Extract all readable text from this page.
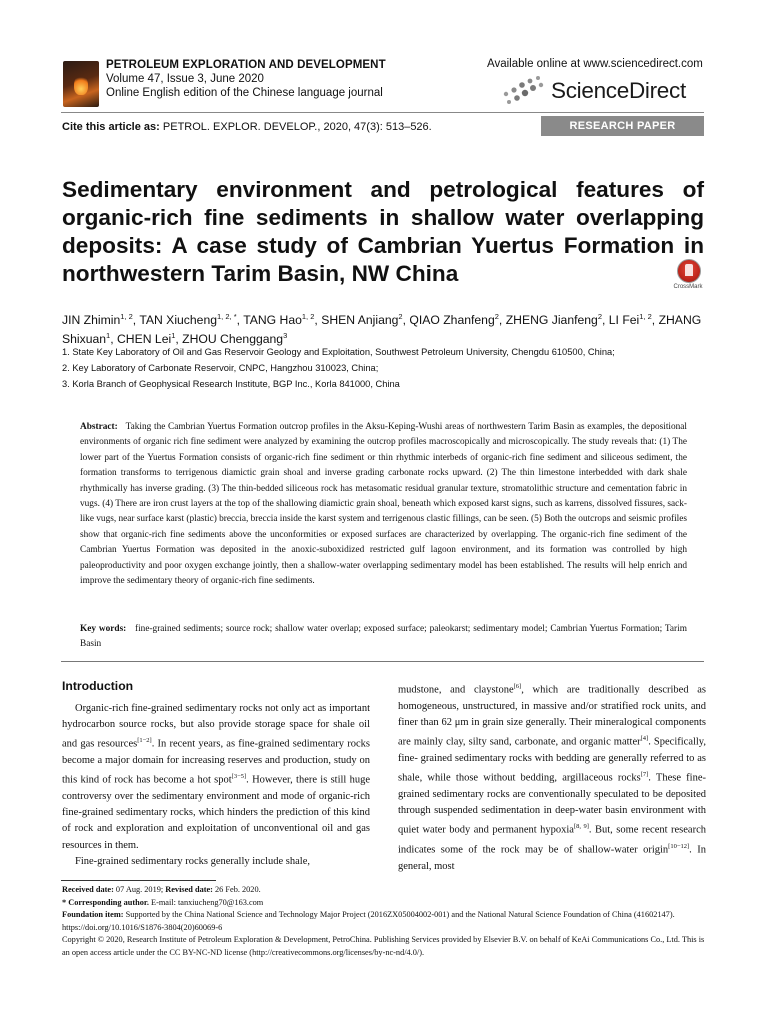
PETROLEUM EXPLORATION AND DEVELOPMENT
Volume 47, Issue 3, June 2020
Online English edition of the Chinese language journal
Available online at www.sciencedirect.com
ScienceDirect
Cite this article as: PETROL. EXPLOR. DEVELOP., 2020, 47(3): 513–526.	RESEARCH PAPER
Sedimentary environment and petrological features of organic-rich fine sediments in shallow water overlapping deposits: A case study of Cambrian Yuertus Formation in northwestern Tarim Basin, NW China
CrossMark
JIN Zhimin$^{1, 2}$, TAN Xiucheng$^{1, 2, *}$, TANG Hao$^{1, 2}$, SHEN Anjiang$^2$, QIAO Zhanfeng$^2$, ZHENG Jianfeng$^2$, LI Fei$^{1, 2}$, ZHANG Shixuan$^1$, CHEN Lei$^1$, ZHOU Chenggang$^3$
1. State Key Laboratory of Oil and Gas Reservoir Geology and Exploitation, Southwest Petroleum University, Chengdu 610500, China;
2. Key Laboratory of Carbonate Reservoir, CNPC, Hangzhou 310023, China;
3. Korla Branch of Geophysical Research Institute, BGP Inc., Korla 841000, China
Abstract: Taking the Cambrian Yuertus Formation outcrop profiles in the Aksu-Keping-Wushi areas of northwestern Tarim Basin as examples, the depositional environments of organic rich fine sediment were analyzed by examining the outcrop profiles macroscopically and microscopically. The study reveals that: (1) The lower part of the Yuertus Formation consists of organic-rich fine sediment or thin rhythmic interbeds of organic-rich fine sediment and siliceous sediment, the formation transforms to terrigenous diamictic grain shoal and inverse grading carbonate rocks upward. (2) The thin limestone interbedded with dark shale rhythmically has inverse grading. (3) The thin-bedded siliceous rock has metasomatic residual granular texture, stromatolithic structure and cementation fabric in vugs. (4) There are iron crust layers at the top of the shallowing diamictic grain shoal, beneath which exposed karst signs, such as karrens, dissolved fissures, sack-like vugs, near surface karst (plastic) breccia, breccia inside the karst system and terrigenous clastic fillings, can be seen. (5) Both the outcrops and seismic profiles show that organic-rich fine sediments above the unconformities or exposed surfaces are characterized by overlapping. The organic-rich fine sediment of the Cambrian Yuertus Formation was deposited in the anoxic-suboxidized restricted gulf lagoon environment, and its formation was controlled by high paleoproductivity and poor oxygen exchange jointly, then a shallow-water overlapping sedimentary model has been established. The results will help enrich and improve the sedimentary theory of organic-rich fine sediments.
Key words: fine-grained sediments; source rock; shallow water overlap; exposed surface; paleokarst; sedimentary model; Cambrian Yuertus Formation; Tarim Basin
Introduction

Organic-rich fine-grained sedimentary rocks not only act as important hydrocarbon source rocks, but also provide storage space for shale oil and gas resources[1−2]. In recent years, as fine-grained sedimentary rocks become a major domain for increasing reserves and production, study on this kind of rock has become a hot spot[3−5]. However, there is still huge controversy over the sedimentary environment and mode of organic-rich fine-grained sedimentary rocks, which hinders the prediction of this kind of rock and exploration and exploitation of unconventional oil and gas resources in them.

Fine-grained sedimentary rocks generally include shale,

mudstone, and claystone[6], which are traditionally described as homogeneous, unstructured, in massive and/or stratified rock units, and finer than 62 μm in grain size generally. Their mineralogical components are mainly clay, silty sand, carbonate, and organic matter[4]. Specifically, fine- grained sedimentary rocks with bedding are generally referred to as shale, while those without bedding, argillaceous rocks[7]. These fine-grained sedimentary rocks are conventionally speculated to be deposited through suspended sedimentation in deep-water basin environment with quiet water body and permanent hypoxia[8, 9]. But, some recent research indicates some of the rock may be of shallow-water origin[10−12]. In general, most

Received date: 07 Aug. 2019; Revised date: 26 Feb. 2020.
* Corresponding author. E-mail: tanxiucheng70@163.com
Foundation item: Supported by the China National Science and Technology Major Project (2016ZX05004002-001) and the National Natural Science Foundation of China (41602147).
https://doi.org/10.1016/S1876-3804(20)60069-6
Copyright © 2020, Research Institute of Petroleum Exploration & Development, PetroChina. Publishing Services provided by Elsevier B.V. on behalf of KeAi Communications Co., Ltd. This is an open access article under the CC BY-NC-ND license (http://creativecommons.org/licenses/by-nc-nd/4.0/).
